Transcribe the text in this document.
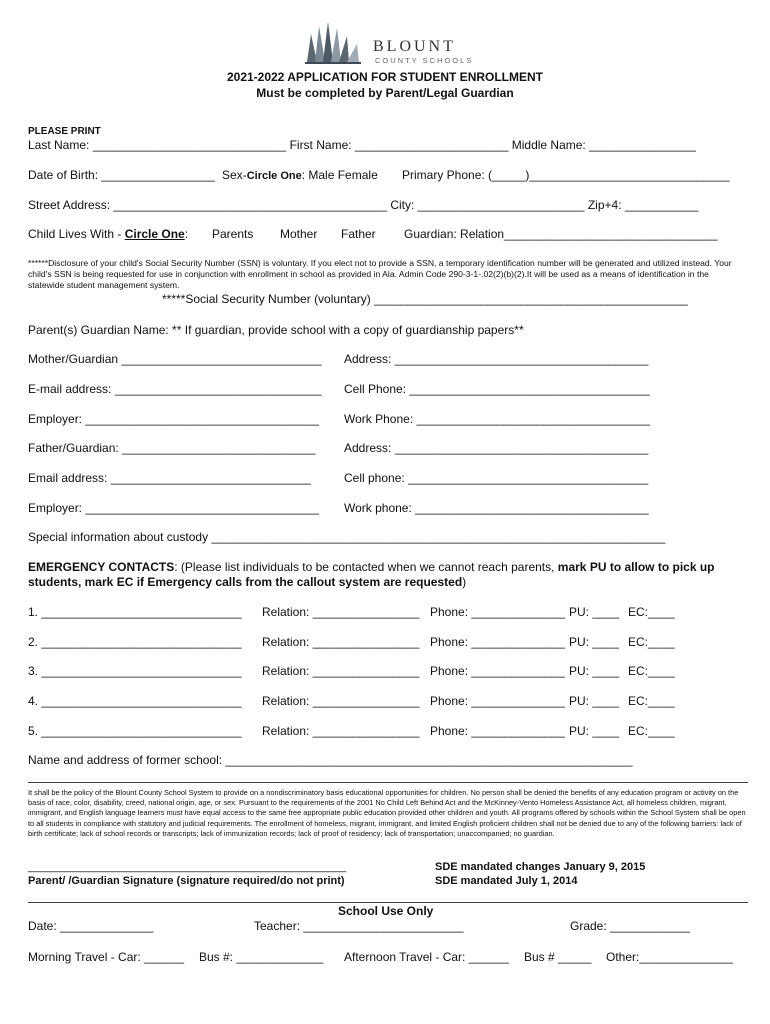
BLOUNT
COUNTY SCHOOLS
2021-2022 APPLICATION FOR STUDENT ENROLLMENT
Must be completed by Parent/Legal Guardian
PLEASE PRINT
Last Name: _____________________________ First Name: _______________________ Middle Name: ________________
Date of Birth: _________________ Sex-Circle One: Male Female Primary Phone: (_____)______________________________
Street Address: _________________________________________ City: _________________________ Zip+4: ___________
Child Lives With - Circle One: Parents Mother Father Guardian: Relation________________________________
******Disclosure of your child's Social Security Number (SSN) is voluntary. If you elect not to provide a SSN, a temporary identification number will be generated and utilized instead. Your child's SSN is being requested for use in conjunction with enrollment in school as provided in Ala. Admin Code 290-3-1-.02(2)(b)(2).It will be used as a means of identification in the statewide student management system.
*****Social Security Number (voluntary) _______________________________________________
Parent(s) Guardian Name: ** If guardian, provide school with a copy of guardianship papers**
Mother/Guardian ______________________________ Address: ______________________________________
E-mail address: _______________________________ Cell Phone: ____________________________________
Employer: ___________________________________ Work Phone: ___________________________________
Father/Guardian: _____________________________ Address: ______________________________________
Email address: ______________________________	Cell phone: ____________________________________
Employer: ___________________________________ Work phone: ___________________________________
Special information about custody ____________________________________________________________________
EMERGENCY CONTACTS: (Please list individuals to be contacted when we cannot reach parents, mark PU to allow to pick up students, mark EC if Emergency calls from the callout system are requested)
1. ______________________________ Relation: ________________ Phone: ______________ PU: ____ EC:____
2. ______________________________ Relation: ________________ Phone: ______________ PU: ____ EC:____
3. ______________________________ Relation: ________________ Phone: ______________ PU: ____ EC:____
4. ______________________________ Relation: ________________ Phone: ______________ PU: ____ EC:____
5. ______________________________ Relation: ________________ Phone: ______________ PU: ____ EC:____
Name and address of former school: _____________________________________________________________
It shall be the policy of the Blount County School System to provide on a nondiscriminatory basis educational opportunities for children. No person shall be denied the benefits of any education program or activity on the basis of race, color, disability, creed, national origin, age, or sex. Pursuant to the requirements of the 2001 No Child Left Behind Act and the McKinney-Vento Homeless Assistance Act, all homeless children, migrant, immigrant, and English language learners must have equal access to the same free appropriate public education provided other children and youth. All programs offered by schools within the School System shall be open to all students in compliance with statutory and judicial requirements. The enrollment of homeless, migrant, immigrant, and limited English proficient children shall not be denied due to any of the following barriers: lack of birth certificate; lack of school records or transcripts; lack of immunization records; lack of proof of residency; lack of transportation; unaccompanied; no guardian.
____________________________________________________
Parent/ /Guardian Signature (signature required/do not print)
SDE mandated changes January 9, 2015
SDE mandated July 1, 2014
School Use Only
Date: ______________	Teacher: ________________________	Grade: ____________
Morning Travel - Car: ______ Bus #: _____________ Afternoon Travel - Car: ______ Bus # _____ Other:______________
